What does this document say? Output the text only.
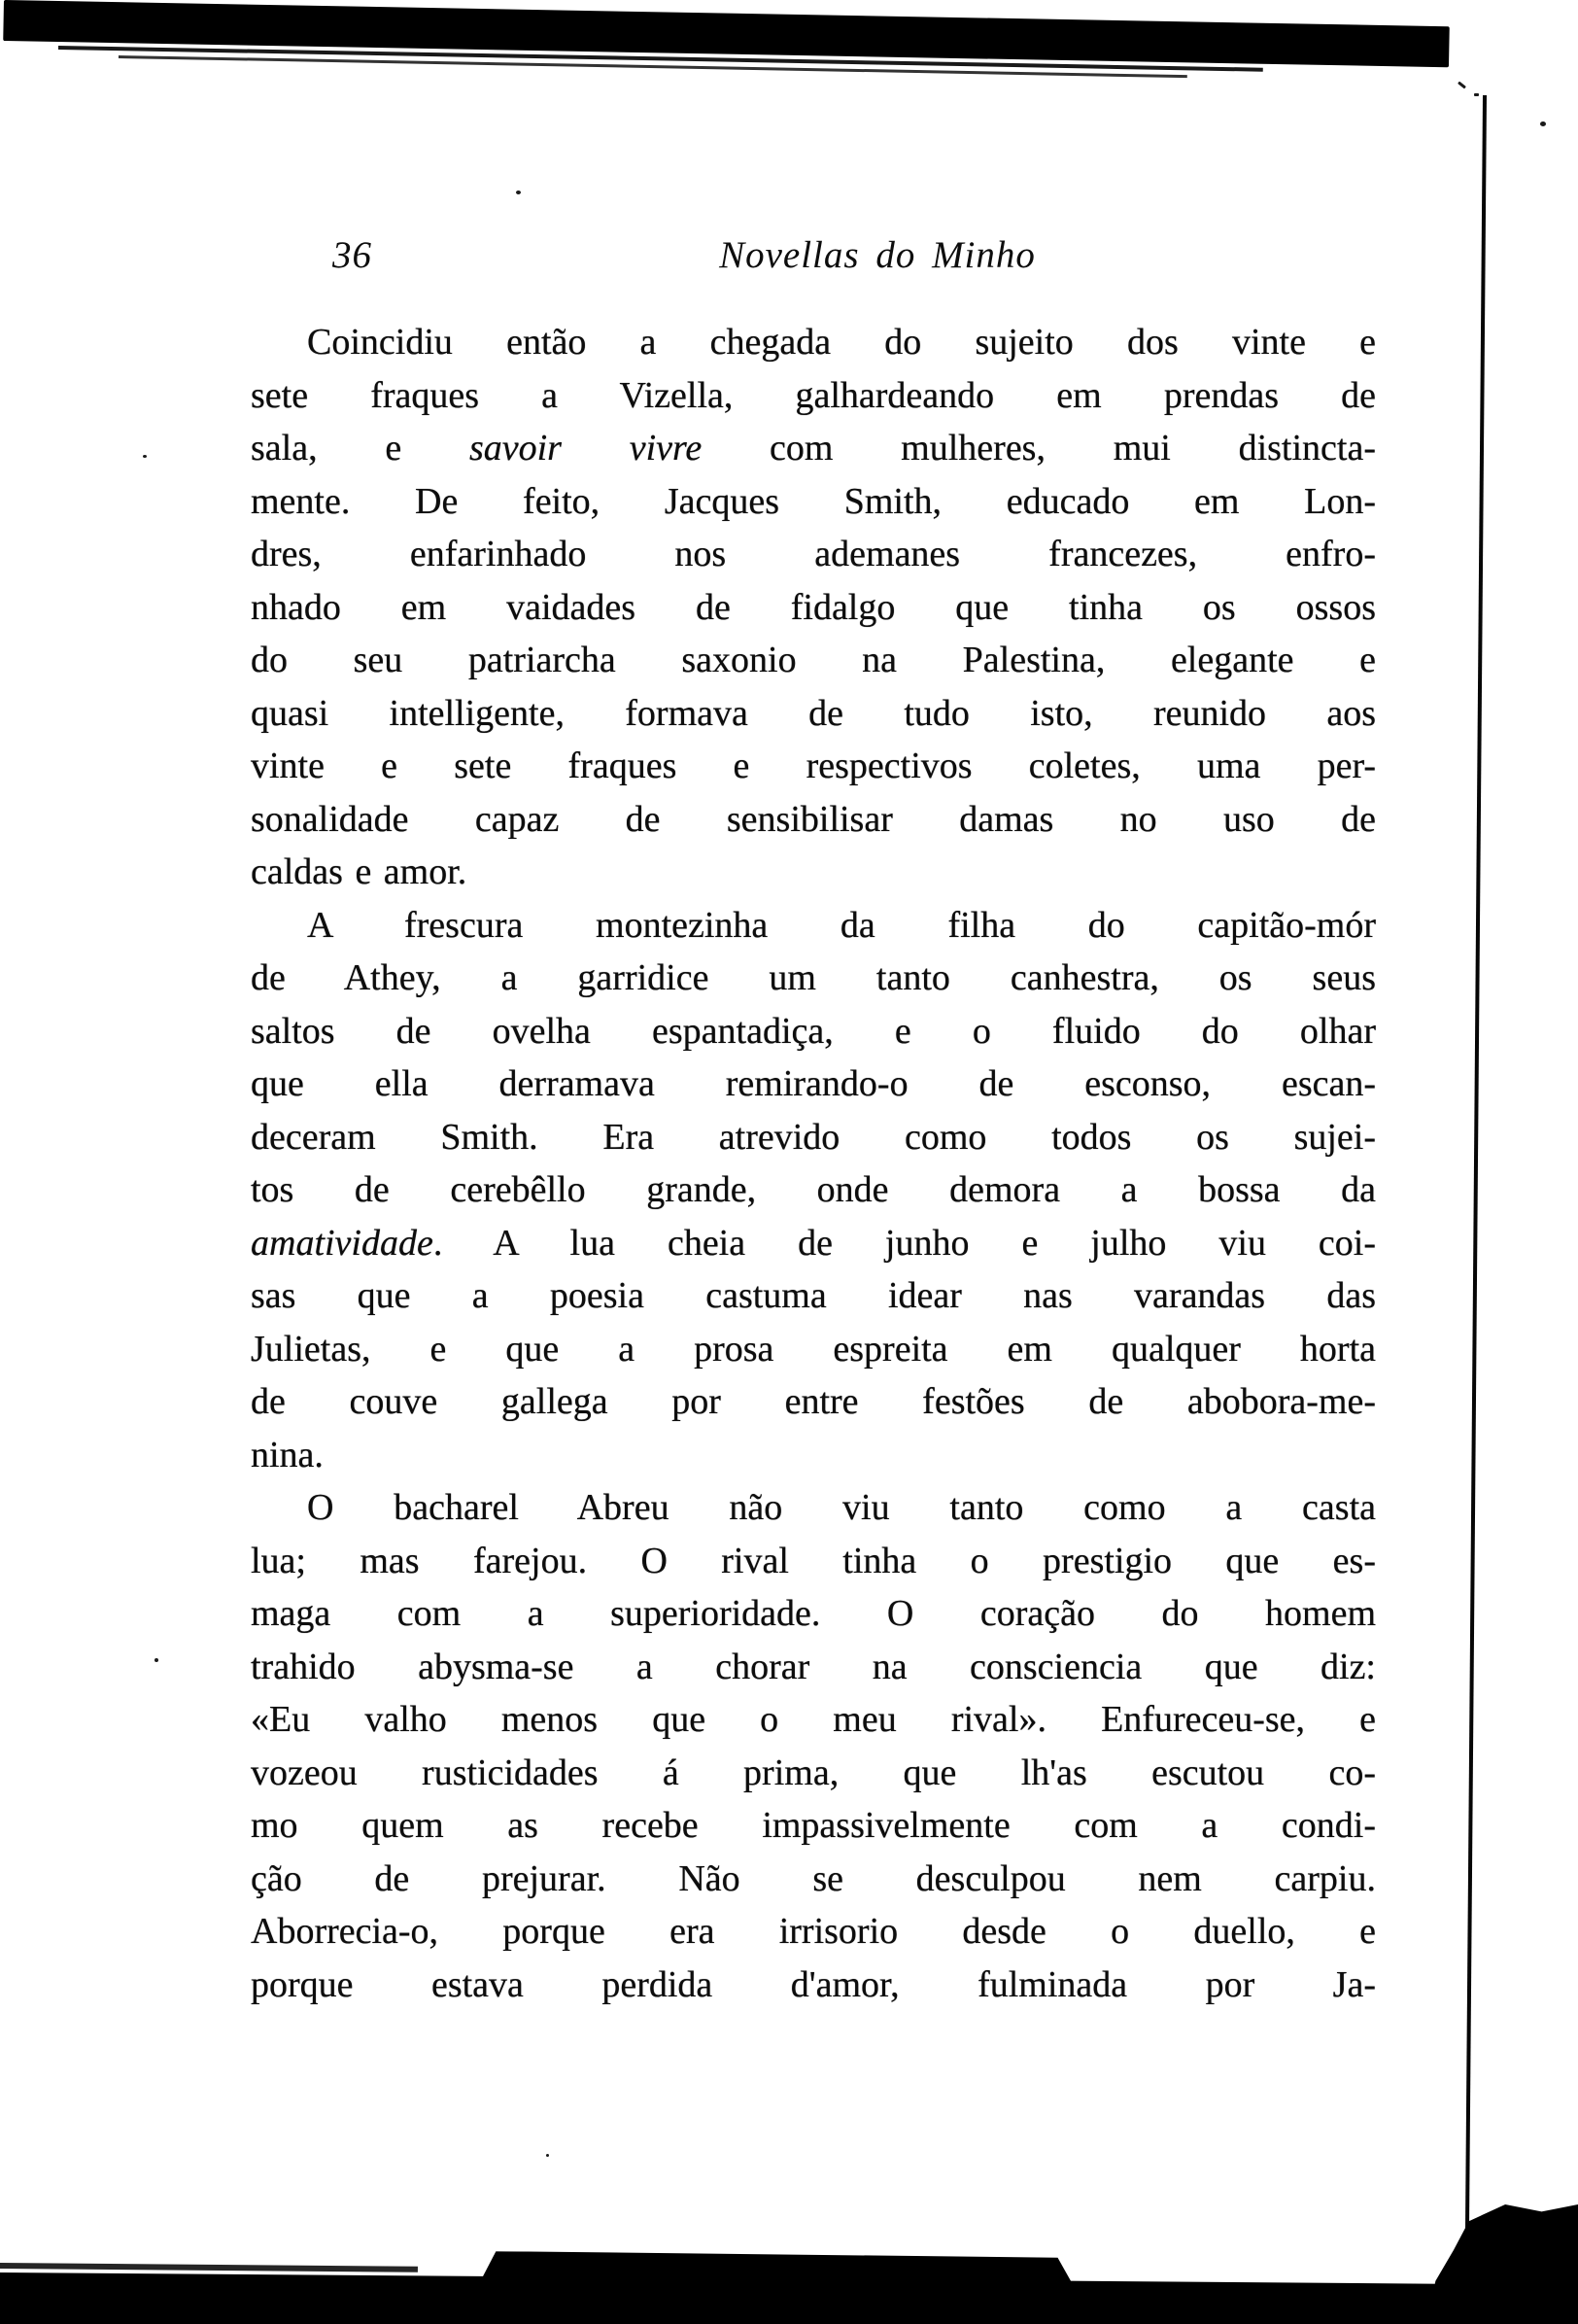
36	Novellas do Minho
Coincidiu então a chegada do sujeito dos vinte e
sete fraques a Vizella, galhardeando em prendas de
sala, e savoir vivre com mulheres, mui distincta-
mente. De feito, Jacques Smith, educado em Lon-
dres, enfarinhado nos ademanes francezes, enfro-
nhado em vaidades de fidalgo que tinha os ossos
do seu patriarcha saxonio na Palestina, elegante e
quasi intelligente, formava de tudo isto, reunido aos
vinte e sete fraques e respectivos coletes, uma per-
sonalidade capaz de sensibilisar damas no uso de
caldas e amor.
A frescura montezinha da filha do capitão-mór
de Athey, a garridice um tanto canhestra, os seus
saltos de ovelha espantadiça, e o fluido do olhar
que ella derramava remirando-o de esconso, escan-
deceram Smith. Era atrevido como todos os sujei-
tos de cerebêllo grande, onde demora a bossa da
amatividade. A lua cheia de junho e julho viu coi-
sas que a poesia castuma idear nas varandas das
Julietas, e que a prosa espreita em qualquer horta
de couve gallega por entre festões de abobora-me-
nina.
O bacharel Abreu não viu tanto como a casta
lua; mas farejou. O rival tinha o prestigio que es-
maga com a superioridade. O coração do homem
trahido abysma-se a chorar na consciencia que diz:
«Eu valho menos que o meu rival». Enfureceu-se, e
vozeou rusticidades á prima, que lh'as escutou co-
mo quem as recebe impassivelmente com a condi-
ção de prejurar. Não se desculpou nem carpiu.
Aborrecia-o, porque era irrisorio desde o duello, e
porque estava perdida d'amor, fulminada por Ja-
